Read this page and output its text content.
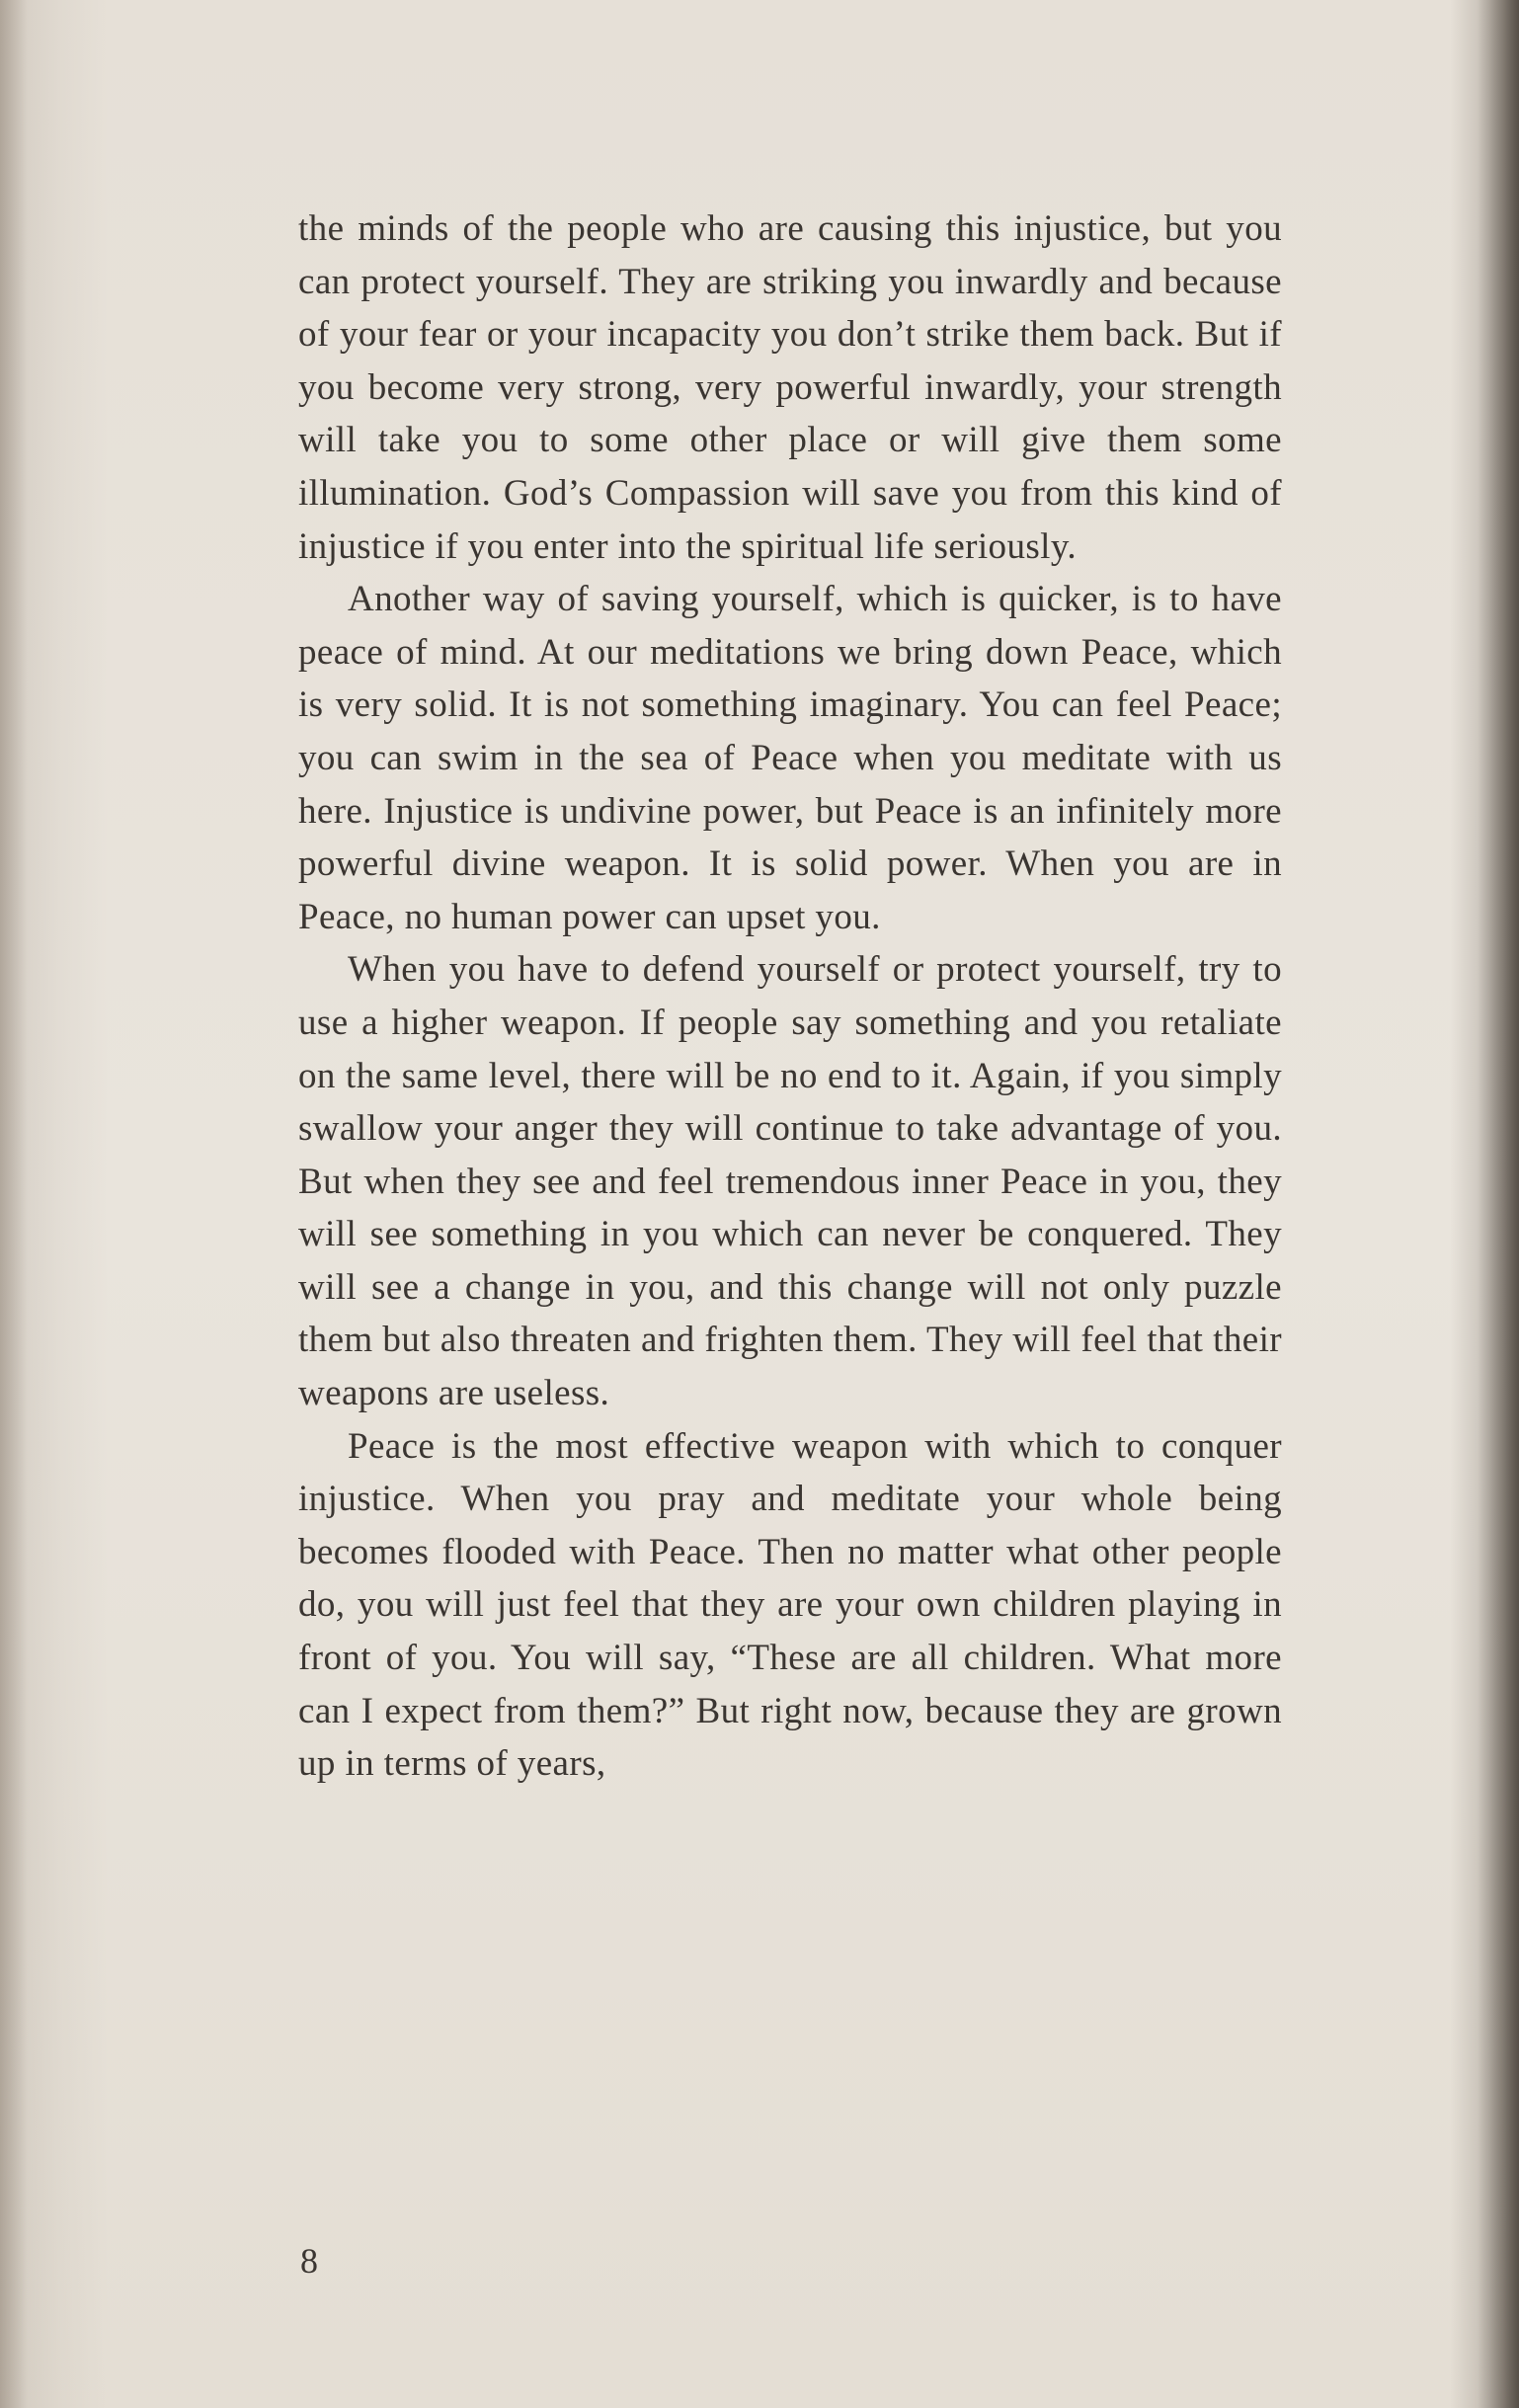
the minds of the people who are causing this injustice, but you can protect yourself. They are striking you inwardly and because of your fear or your incapacity you don’t strike them back. But if you become very strong, very powerful inwardly, your strength will take you to some other place or will give them some illumination. God’s Compassion will save you from this kind of injustice if you enter into the spiritual life seriously.

Another way of saving yourself, which is quicker, is to have peace of mind. At our meditations we bring down Peace, which is very solid. It is not something imaginary. You can feel Peace; you can swim in the sea of Peace when you meditate with us here. Injustice is undivine power, but Peace is an infinitely more powerful divine weapon. It is solid power. When you are in Peace, no human power can upset you.

When you have to defend yourself or protect yourself, try to use a higher weapon. If people say something and you retaliate on the same level, there will be no end to it. Again, if you simply swallow your anger they will continue to take advantage of you. But when they see and feel tremendous inner Peace in you, they will see something in you which can never be conquered. They will see a change in you, and this change will not only puzzle them but also threaten and frighten them. They will feel that their weapons are useless.

Peace is the most effective weapon with which to conquer injustice. When you pray and meditate your whole being becomes flooded with Peace. Then no matter what other people do, you will just feel that they are your own children playing in front of you. You will say, “These are all children. What more can I expect from them?” But right now, because they are grown up in terms of years,

8
